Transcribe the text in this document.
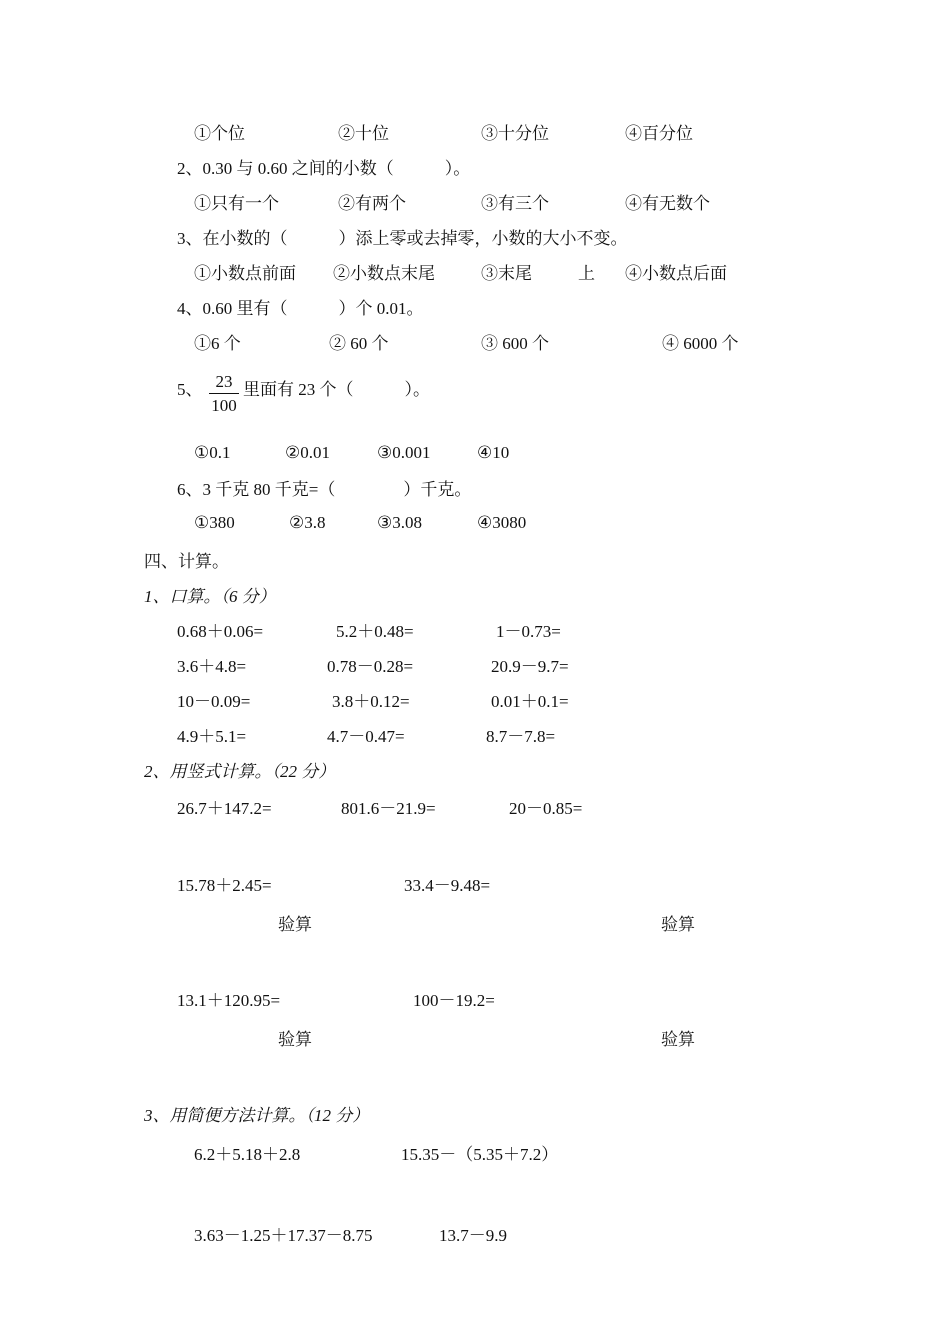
①个位	②十位	③十分位	④百分位
2、0.30 与 0.60 之间的小数（　　　）。
①只有一个	②有两个	③有三个	④有无数个
3、在小数的（　　　）添上零或去掉零，小数的大小不变。
①小数点前面 ②小数点末尾	③末尾	上 ④小数点后面
4、0.60 里有（　　　）个 0.01。
①6 个	② 60 个	③ 600 个	④ 6000 个
5、 23
100
里面有 23 个（　　　）。
①0.1	②0.01	③0.001	④10
6、3 千克 80 千克=（　　　　）千克。
①380	②3.8	③3.08	④3080
四、计算。
1、口算。（6 分）
0.68＋0.06=	5.2＋0.48=	1－0.73=
3.6＋4.8=	0.78－0.28=	20.9－9.7=
10－0.09=	3.8＋0.12=	0.01＋0.1=
4.9＋5.1=	4.7－0.47=	8.7－7.8=
2、用竖式计算。（22 分）
26.7＋147.2=	801.6－21.9=	20－0.85=
15.78＋2.45=	33.4－9.48=
验算	验算
13.1＋120.95=	100－19.2=
验算	验算
3、用简便方法计算。（12 分）
6.2＋5.18＋2.8	15.35－（5.35＋7.2）
3.63－1.25＋17.37－8.75	13.7－9.9
